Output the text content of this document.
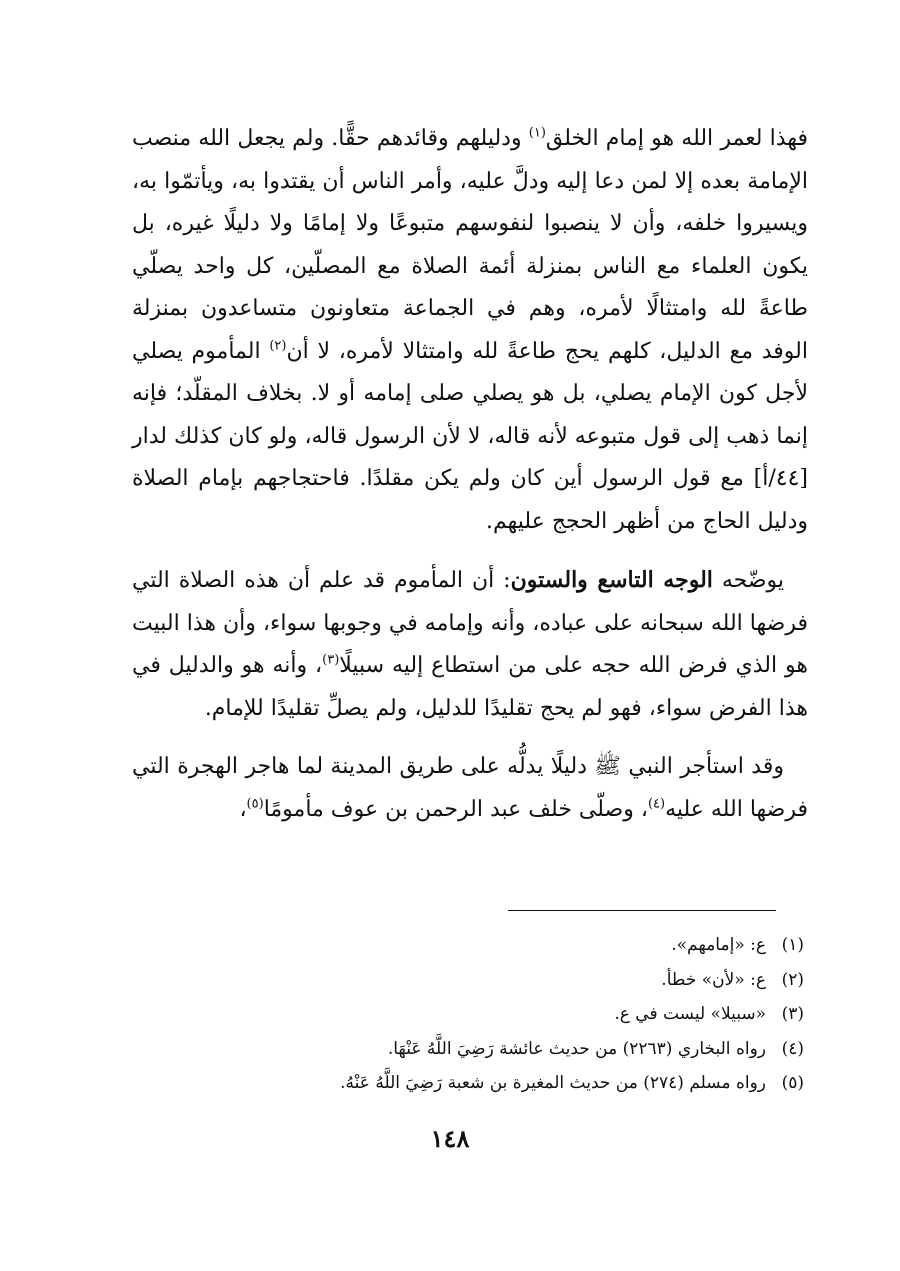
فهذا لعمر الله هو إمام الخلق$^{(١)}$ ودليلهم وقائدهم حقًّا. ولم يجعل الله منصب الإمامة بعده إلا لمن دعا إليه ودلَّ عليه، وأمر الناس أن يقتدوا به، ويأتمّوا به، ويسيروا خلفه، وأن لا ينصبوا لنفوسهم متبوعًا ولا إمامًا ولا دليلًا غيره، بل يكون العلماء مع الناس بمنزلة أئمة الصلاة مع المصلّين، كل واحد يصلّي طاعةً لله وامتثالًا لأمره، وهم في الجماعة متعاونون متساعدون بمنزلة الوفد مع الدليل، كلهم يحج طاعةً لله وامتثالا لأمره، لا أن$^{(٢)}$ المأموم يصلي لأجل كون الإمام يصلي، بل هو يصلي صلى إمامه أو لا. بخلاف المقلّد؛ فإنه إنما ذهب إلى قول متبوعه لأنه قاله، لا لأن الرسول قاله، ولو كان كذلك لدار [٤٤/أ] مع قول الرسول أين كان ولم يكن مقلدًا. فاحتجاجهم بإمام الصلاة ودليل الحاج من أظهر الحجج عليهم.

يوضّحه الوجه التاسع والستون: أن المأموم قد علم أن هذه الصلاة التي فرضها الله سبحانه على عباده، وأنه وإمامه في وجوبها سواء، وأن هذا البيت هو الذي فرض الله حجه على من استطاع إليه سبيلًا$^{(٣)}$، وأنه هو والدليل في هذا الفرض سواء، فهو لم يحج تقليدًا للدليل، ولم يصلِّ تقليدًا للإمام.

وقد استأجر النبي ﷺ دليلًا يدلُّه على طريق المدينة لما هاجر الهجرة التي فرضها الله عليه$^{(٤)}$، وصلّى خلف عبد الرحمن بن عوف مأمومًا$^{(٥)}$،

(١)ع: «إمامهم».
(٢)ع: «لأن» خطأ.
(٣)«سبيلا» ليست في ع.
(٤)رواه البخاري (٢٢٦٣) من حديث عائشة رَضِيَ اللَّهُ عَنْهَا.
(٥)رواه مسلم (٢٧٤) من حديث المغيرة بن شعبة رَضِيَ اللَّهُ عَنْهُ.
١٤٨
